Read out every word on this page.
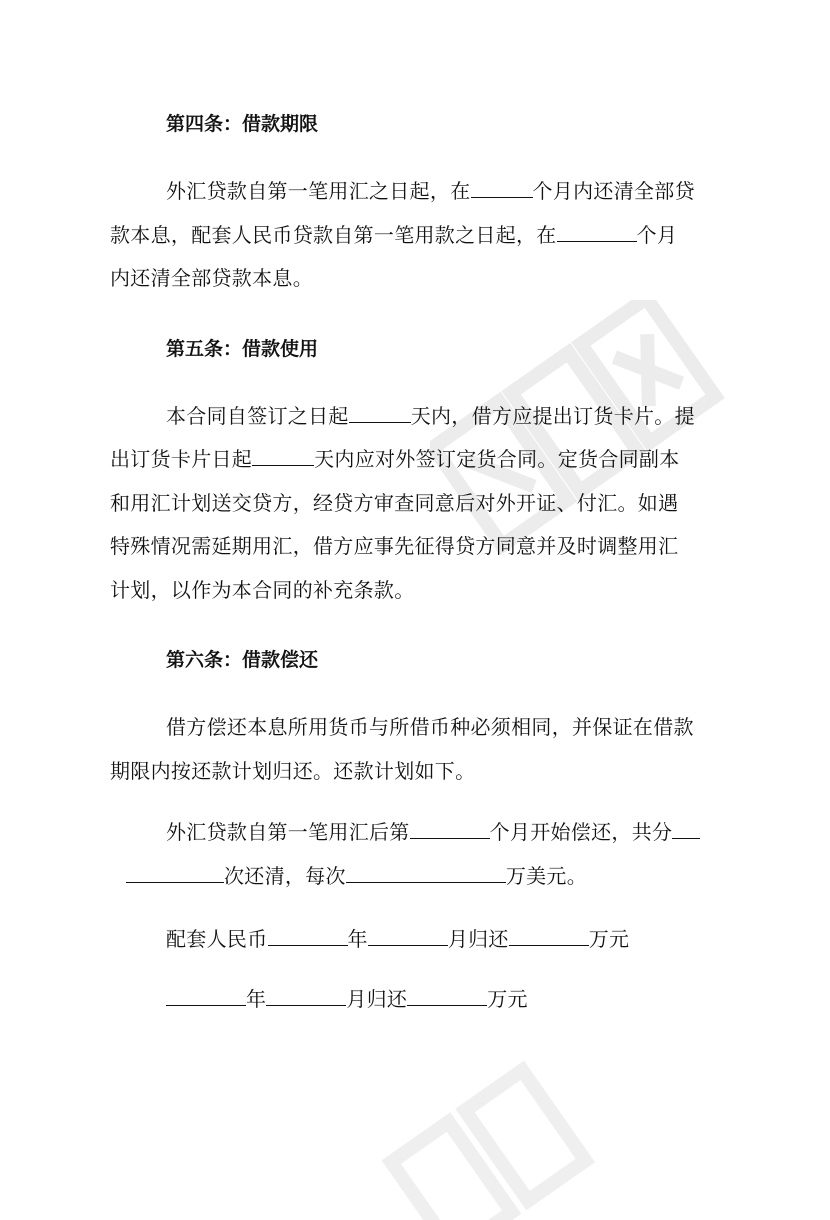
第四条：借款期限

外汇贷款自第一笔用汇之日起，在	个月内还清全部贷
款本息，配套人民币贷款自第一笔用款之日起，在	个月
内还清全部贷款本息。

第五条：借款使用

本合同自签订之日起	天内，借方应提出订货卡片。提
出订货卡片日起	天内应对外签订定货合同。定货合同副本
和用汇计划送交贷方，经贷方审查同意后对外开证、付汇。如遇
特殊情况需延期用汇，借方应事先征得贷方同意并及时调整用汇
计划，以作为本合同的补充条款。

第六条：借款偿还

借方偿还本息所用货币与所借币种必须相同，并保证在借款
期限内按还款计划归还。还款计划如下。

外汇贷款自第一笔用汇后第	个月开始偿还，共分
次还清，每次	万美元。

配套人民币	年	月归还	万元
年	月归还	万元
